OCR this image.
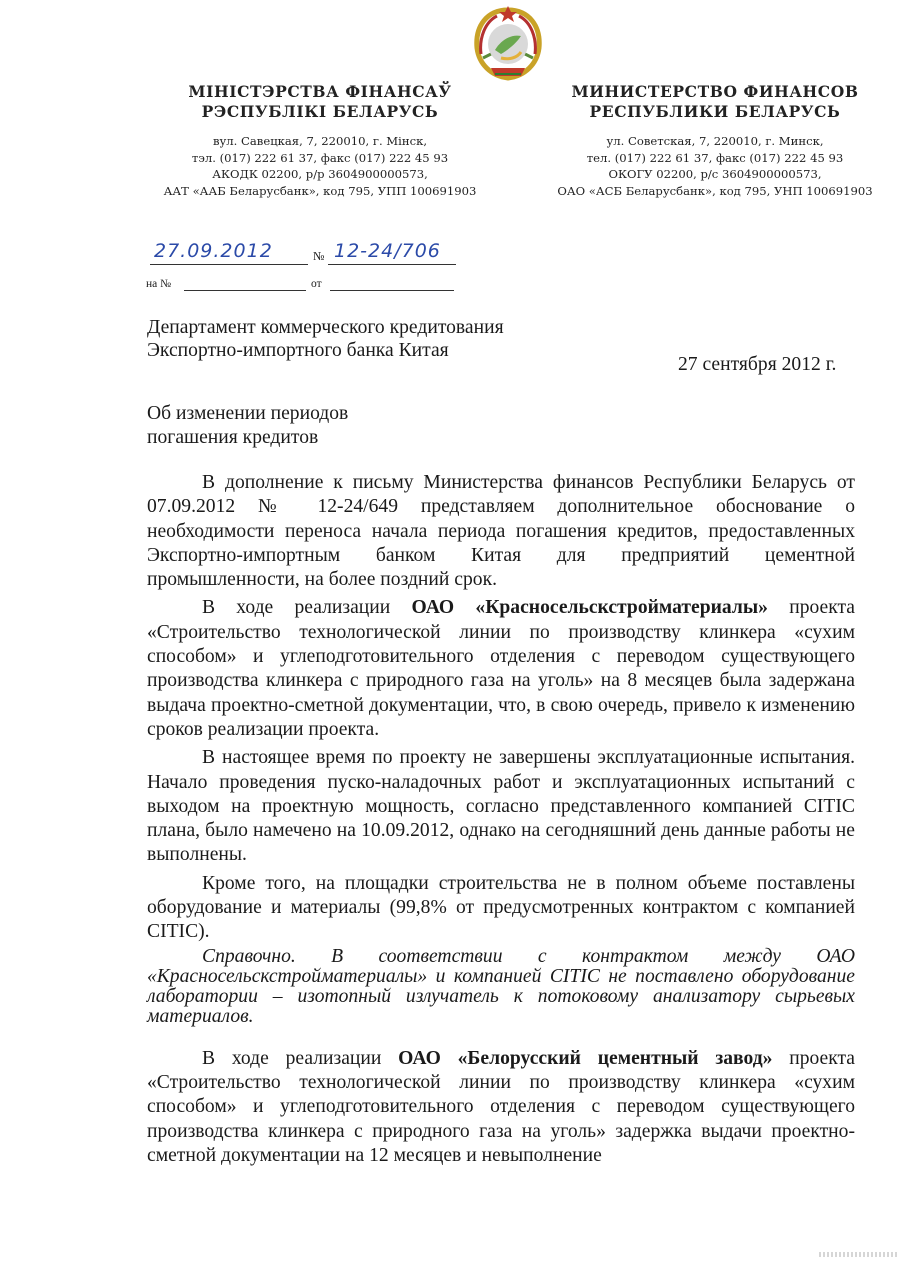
МІНІСТЭРСТВА ФІНАНСАЎ

РЭСПУБЛІКІ БЕЛАРУСЬ

вул. Савецкая, 7, 220010, г. Мінск,

тэл. (017) 222 61 37, факс (017) 222 45 93

АКОДК 02200, р/р 3604900000573,

ААТ «ААБ Беларусбанк», код 795, УПП 100691903

МИНИСТЕРСТВО ФИНАНСОВ

РЕСПУБЛИКИ БЕЛАРУСЬ

ул. Советская, 7, 220010, г. Минск,

тел. (017) 222 61 37, факс (017) 222 45 93

ОКОГУ 02200, р/с 3604900000573,

ОАО «АСБ Беларусбанк», код 795, УНП 100691903

27.09.2012	№ 12-24/706
на №	от

Департамент коммерческого кредитования

Экспортно-импортного банка Китая

27 сентября 2012 г.

Об изменении периодов

погашения кредитов

В дополнение к письму Министерства финансов Республики Беларусь от 07.09.2012 № 12-24/649 представляем дополнительное обоснование о необходимости переноса начала периода погашения кредитов, предоставленных Экспортно-импортным банком Китая для предприятий цементной промышленности, на более поздний срок.

В ходе реализации ОАО «Красносельскстройматериалы» проекта «Строительство технологической линии по производству клинкера «сухим способом» и углеподготовительного отделения с переводом существующего производства клинкера с природного газа на уголь» на 8 месяцев была задержана выдача проектно-сметной документации, что, в свою очередь, привело к изменению сроков реализации проекта.

В настоящее время по проекту не завершены эксплуатационные испытания. Начало проведения пуско-наладочных работ и эксплуатационных испытаний с выходом на проектную мощность, согласно представленного компанией CITIC плана, было намечено на 10.09.2012, однако на сегодняшний день данные работы не выполнены.

Кроме того, на площадки строительства не в полном объеме поставлены оборудование и материалы (99,8% от предусмотренных контрактом с компанией CITIC).

Справочно. В соответствии с контрактом между ОАО «Красносельскстройматериалы» и компанией CITIC не поставлено оборудование лаборатории – изотопный излучатель к потоковому анализатору сырьевых материалов.

В ходе реализации ОАО «Белорусский цементный завод» проекта «Строительство технологической линии по производству клинкера «сухим способом» и углеподготовительного отделения с переводом существующего производства клинкера с природного газа на уголь» задержка выдачи проектно-сметной документации на 12 месяцев и невыполнение
